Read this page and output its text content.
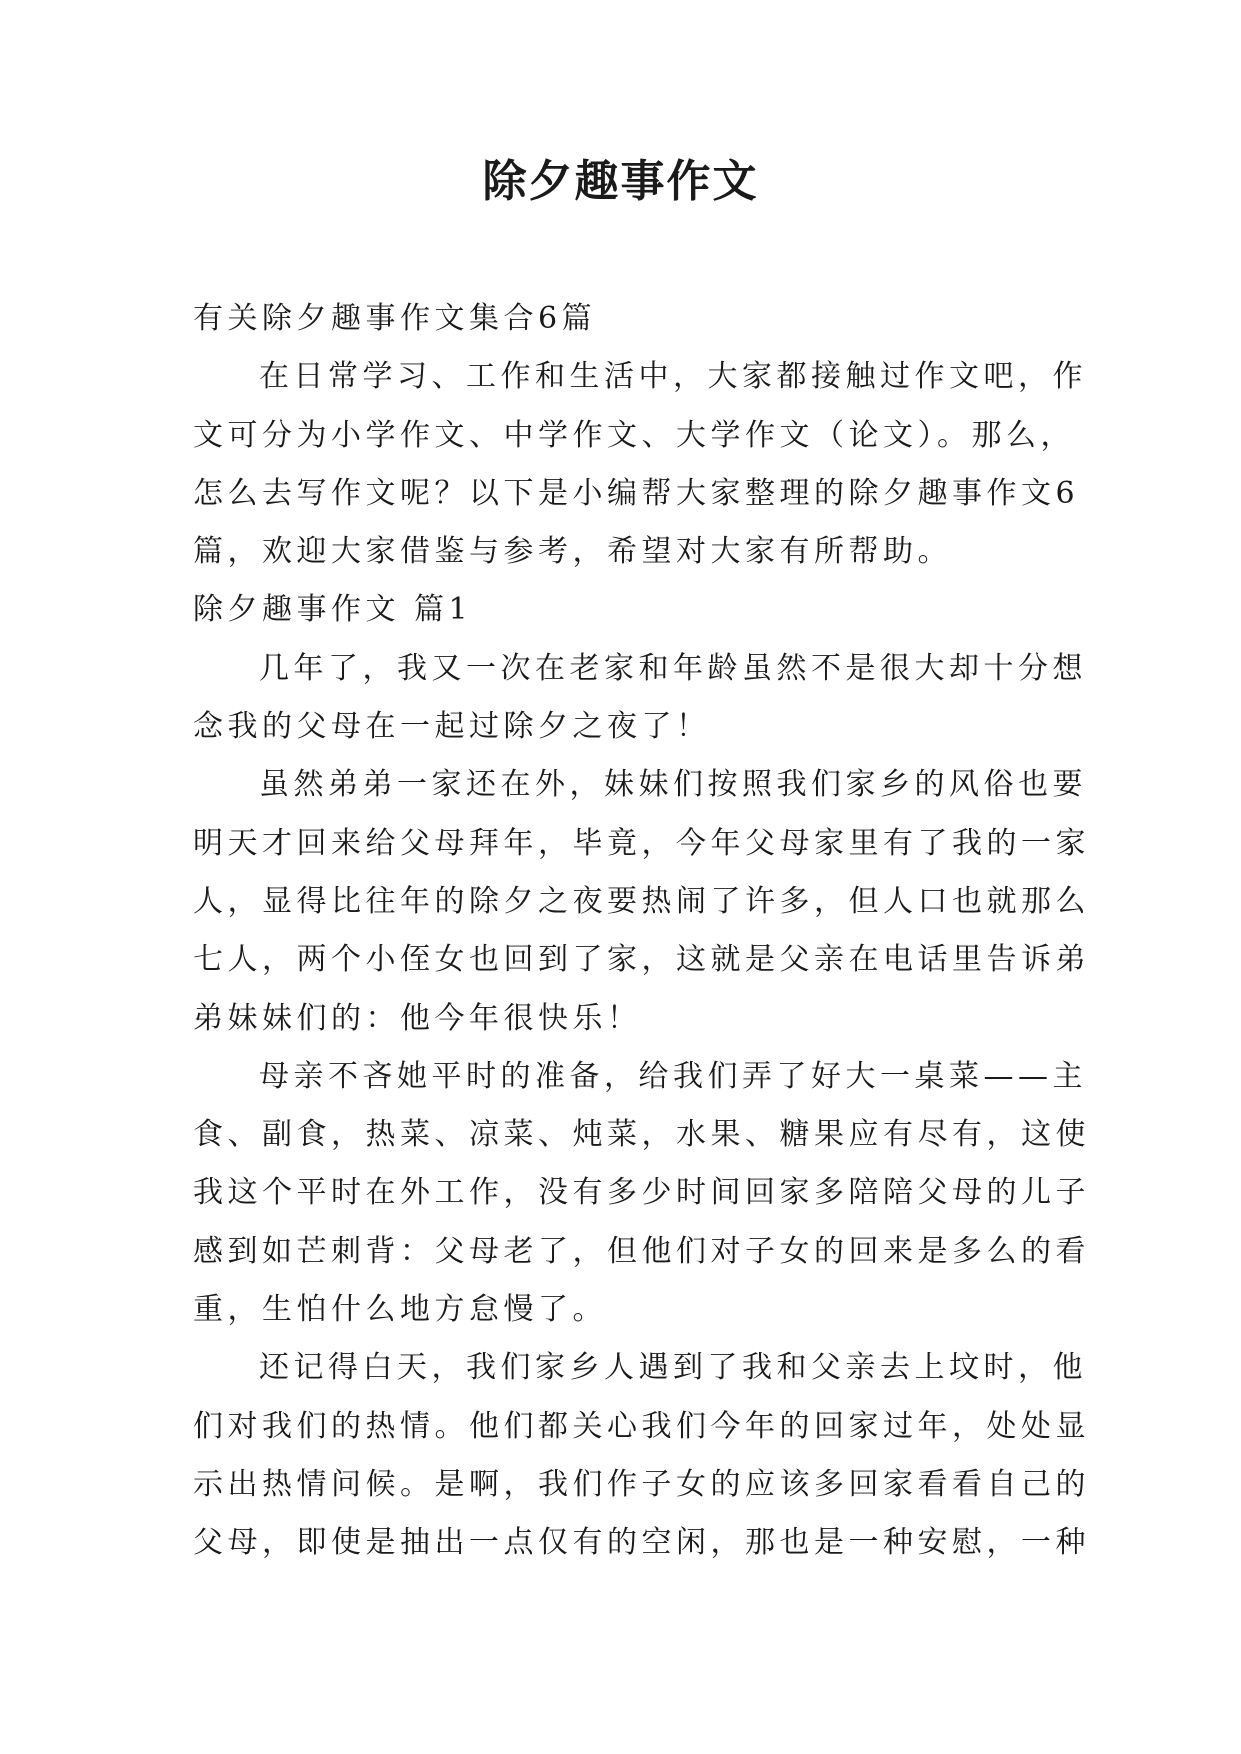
除夕趣事作文
有关除夕趣事作文集合6篇
在日常学习、工作和生活中，大家都接触过作文吧，作
文可分为小学作文、中学作文、大学作文（论文）。那么，
怎么去写作文呢？以下是小编帮大家整理的除夕趣事作文6
篇，欢迎大家借鉴与参考，希望对大家有所帮助。
除夕趣事作文 篇1
几年了，我又一次在老家和年龄虽然不是很大却十分想
念我的父母在一起过除夕之夜了！
虽然弟弟一家还在外，妹妹们按照我们家乡的风俗也要
明天才回来给父母拜年，毕竟，今年父母家里有了我的一家
人，显得比往年的除夕之夜要热闹了许多，但人口也就那么
七人，两个小侄女也回到了家，这就是父亲在电话里告诉弟
弟妹妹们的：他今年很快乐！
母亲不吝她平时的准备，给我们弄了好大一桌菜——主
食、副食，热菜、凉菜、炖菜，水果、糖果应有尽有，这使
我这个平时在外工作，没有多少时间回家多陪陪父母的儿子
感到如芒刺背：父母老了，但他们对子女的回来是多么的看
重，生怕什么地方怠慢了。
还记得白天，我们家乡人遇到了我和父亲去上坟时，他
们对我们的热情。他们都关心我们今年的回家过年，处处显
示出热情问候。是啊，我们作子女的应该多回家看看自己的
父母，即使是抽出一点仅有的空闲，那也是一种安慰，一种
